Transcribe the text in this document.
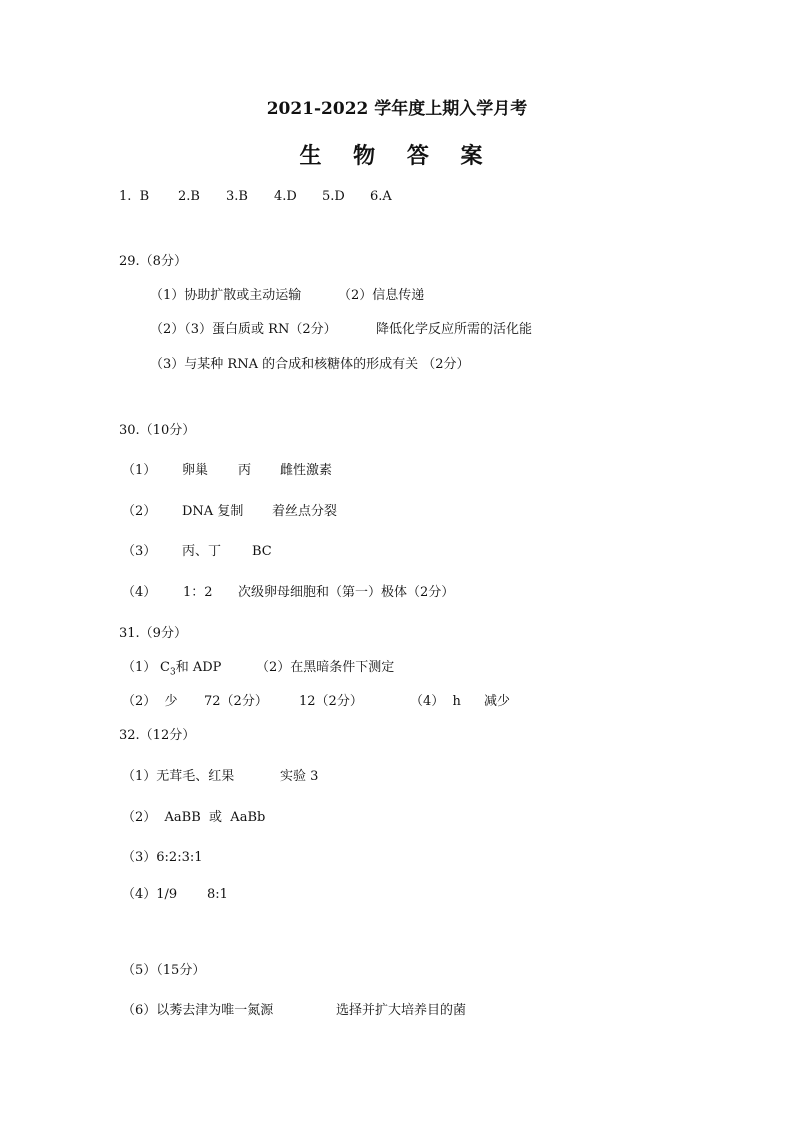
2021-2022 学年度上期入学月考
生 物 答 案
1.  B 2.B 3.B 4.D 5.D 6.A
29.（8分）
（1）协助扩散或主动运输	（2）信息传递
（2）（3）蛋白质或 RN（2分）	降低化学反应所需的活化能
（3）与某种 RNA 的合成和核糖体的形成有关 （2分）
30.（10分）
（1） 卵巢 丙 雌性激素
（2） DNA 复制 着丝点分裂
（3） 丙、丁 BC
（4） 1：2 次级卵母细胞和（第一）极体（2分）
31.（9分）
（1） $C_3$和 ADP	（2）在黑暗条件下测定
（2）  少 72（2分） 12（2分）	（4）  h 减少
32.（12分）
（1）无茸毛、红果	实验 3
（2）  AaBB  或  AaBb
（3）6:2:3:1
（4）1/9 8:1
（5）（15分）
（6）以莠去津为唯一氮源	选择并扩大培养目的菌
